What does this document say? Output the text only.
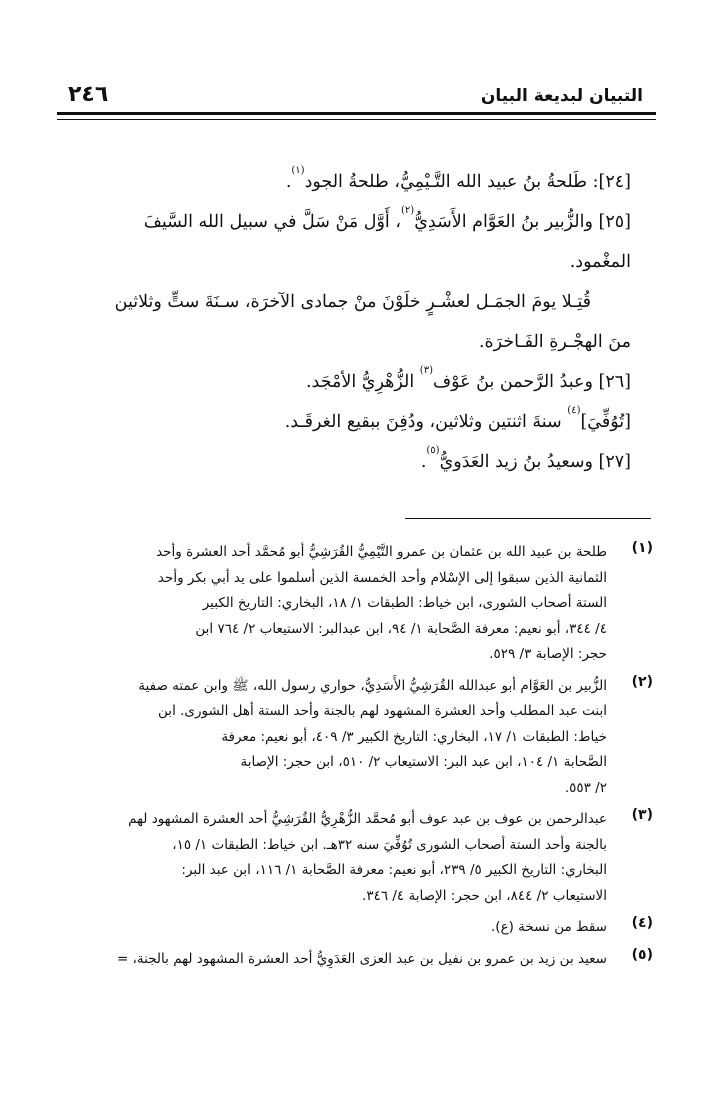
٢٤٦	التبيان لبديعة البيان
[٢٤]: طَلحةُ بنُ عبيد الله التَّـيْمِيُّ، طلحةُ الجود$^{(١)}$.
[٢٥] والزُّبير بنُ العَوَّام الأَسَدِيُّ$^{(٢)}$، أَوَّل مَنْ سَلَّ في سبيل الله السَّيفَ
المغْمود.
قُتِـلا يومَ الجمَـل لعشْـرٍ خلَوْنَ منْ جمادى الآخرَة، سـنَةَ ستٍّ وثلاثين
منَ الهجْـرةِ الفَـاخرَة.
[٢٦] وعبدُ الرَّحمن بنُ عَوْف$^{(٣)}$ الزُّهْرِيُّ الأمْجَد.
[تُوُفِّيَ]$^{(٤)}$ سنةَ اثنتين وثلاثين، ودُفِنَ ببقيع الغرقَـد.
[٢٧] وسعيدُ بنُ زيد العَدَويُّ$^{(٥)}$.
(١)
طلحة بن عبيد الله بن عثمان بن عمرو التَّيْمِيُّ القُرَشِيُّ أبو مُحمَّد أحد العشرة وأحد
الثمانية الذين سبقوا إلى الإسْلام وأحد الخمسة الذين أسلموا على يد أبي بكر وأحد
الستة أصحاب الشورى، ابن خياط: الطبقات ١/ ١٨، البخاري: التاريخ الكبير
٤/ ٣٤٤، أبو نعيم: معرفة الصَّحابة ١/ ٩٤، ابن عبدالبر: الاستيعاب ٢/ ٧٦٤ ابن
حجر: الإصابة ٣/ ٥٢٩.
(٢)
الزُّبير بن العَوَّام أبو عبدالله القُرَشِيُّ الأَسَدِيُّ، حواري رسول الله، ﷺ وابن عمته صفية
ابنت عبد المطلب وأحد العشرة المشهود لهم بالجنة وأحد الستة أهل الشورى. ابن
خياط: الطبقات ١/ ١٧، البخاري: التاريخ الكبير ٣/ ٤٠٩، أبو نعيم: معرفة
الصَّحابة ١/ ١٠٤، ابن عبد البر: الاستيعاب ٢/ ٥١٠، ابن حجر: الإصابة
٢/ ٥٥٣.
(٣)
عبدالرحمن بن عوف بن عبد عوف أبو مُحمَّد الزُّهْرِيُّ القُرَشِيُّ أحد العشرة المشهود لهم
بالجنة وأحد الستة أصحاب الشورى تُوُفِّيَ سنه ٣٢هـ. ابن خياط: الطبقات ١/ ١٥،
البخاري: التاريخ الكبير ٥/ ٢٣٩، أبو نعيم: معرفة الصَّحابة ١/ ١١٦، ابن عبد البر:
الاستيعاب ٢/ ٨٤٤، ابن حجر: الإصابة ٤/ ٣٤٦.
(٤)
سقط من نسخة (ع).
(٥)
سعيد بن زيد بن عمرو بن نفيل بن عبد العزى العَدَوِيُّ أحد العشرة المشهود لهم بالجنة، =
